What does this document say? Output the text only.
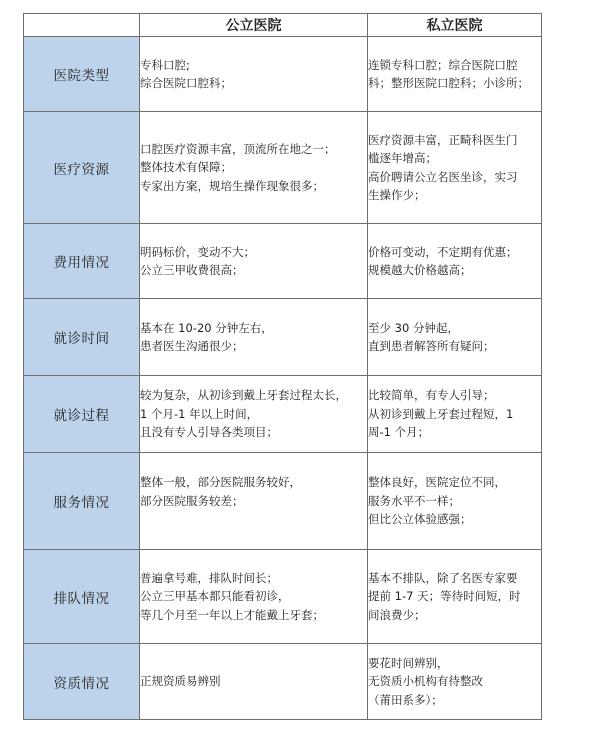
	公立医院	私立医院
医院类型	专科口腔;
综合医院口腔科；	连锁专科口腔；综合医院口腔
科；整形医院口腔科；小诊所；

医疗资源	口腔医疗资源丰富，顶流所在地之一；
整体技术有保障；
专家出方案，规培生操作现象很多；	医疗资源丰富，正畸科医生门
槛逐年增高；
高价聘请公立名医坐诊，实习
生操作少；

费用情况	明码标价，变动不大；
公立三甲收费很高；	价格可变动，不定期有优惠；
规模越大价格越高；

就诊时间	基本在 10-20 分钟左右，
患者医生沟通很少；	至少 30 分钟起，
直到患者解答所有疑问；

就诊过程	较为复杂，从初诊到戴上牙套过程太长，
1 个月-1 年以上时间，
且没有专人引导各类项目；	比较简单，有专人引导；
从初诊到戴上牙套过程短，1
周-1 个月；

服务情况	整体一般，部分医院服务较好，
部分医院服务较差；	整体良好，医院定位不同，
服务水平不一样；
但比公立体验感强；

排队情况	普遍拿号难，排队时间长；
公立三甲基本都只能看初诊，
等几个月至一年以上才能戴上牙套；	基本不排队，除了名医专家要
提前 1-7 天；等待时间短，时
间浪费少；

资质情况	正规资质易辨别	要花时间辨别，
无资质小机构有待整改
（莆田系多）；
